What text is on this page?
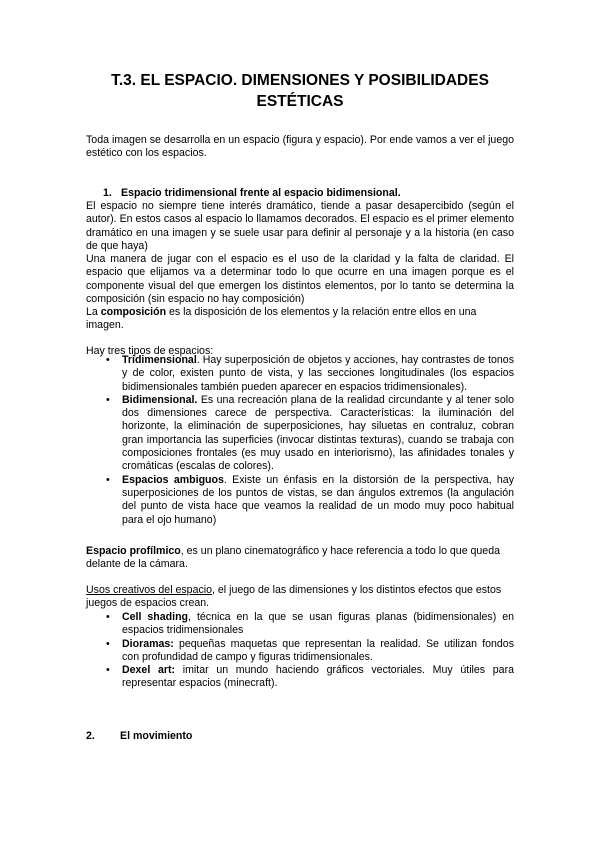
T.3. EL ESPACIO. DIMENSIONES Y POSIBILIDADES
ESTÉTICAS

Toda imagen se desarrolla en un espacio (figura y espacio). Por ende vamos a ver el juego estético con los espacios.

1. Espacio tridimensional frente al espacio bidimensional.

El espacio no siempre tiene interés dramático, tiende a pasar desapercibido (según el autor). En estos casos al espacio lo llamamos decorados. El espacio es el primer elemento dramático en una imagen y se suele usar para definir al personaje y a la historia (en caso de que haya)

Una manera de jugar con el espacio es el uso de la claridad y la falta de claridad. El espacio que elijamos va a determinar todo lo que ocurre en una imagen porque es el componente visual del que emergen los distintos elementos, por lo tanto se determina la composición (sin espacio no hay composición)

La composición es la disposición de los elementos y la relación entre ellos en una imagen.

Hay tres tipos de espacios:

• Tridimensional. Hay superposición de objetos y acciones, hay contrastes de tonos y de color, existen punto de vista, y las secciones longitudinales (los espacios bidimensionales también pueden aparecer en espacios tridimensionales).
• Bidimensional. Es una recreación plana de la realidad circundante y al tener solo dos dimensiones carece de perspectiva. Características: la iluminación del horizonte, la eliminación de superposiciones, hay siluetas en contraluz, cobran gran importancia las superficies (invocar distintas texturas), cuando se trabaja con composiciones frontales (es muy usado en interiorismo), las afinidades tonales y cromáticas (escalas de colores).
• Espacios ambiguos. Existe un énfasis en la distorsión de la perspectiva, hay superposiciones de los puntos de vistas, se dan ángulos extremos (la angulación del punto de vista hace que veamos la realidad de un modo muy poco habitual para el ojo humano)

Espacio profílmico, es un plano cinematográfico y hace referencia a todo lo que queda delante de la cámara.

Usos creativos del espacio, el juego de las dimensiones y los distintos efectos que estos juegos de espacios crean.

• Cell shading, técnica en la que se usan figuras planas (bidimensionales) en espacios tridimensionales
• Dioramas: pequeñas maquetas que representan la realidad. Se utilizan fondos con profundidad de campo y figuras tridimensionales.
• Dexel art: imitar un mundo haciendo gráficos vectoriales. Muy útiles para representar espacios (minecraft).
2. El movimiento
